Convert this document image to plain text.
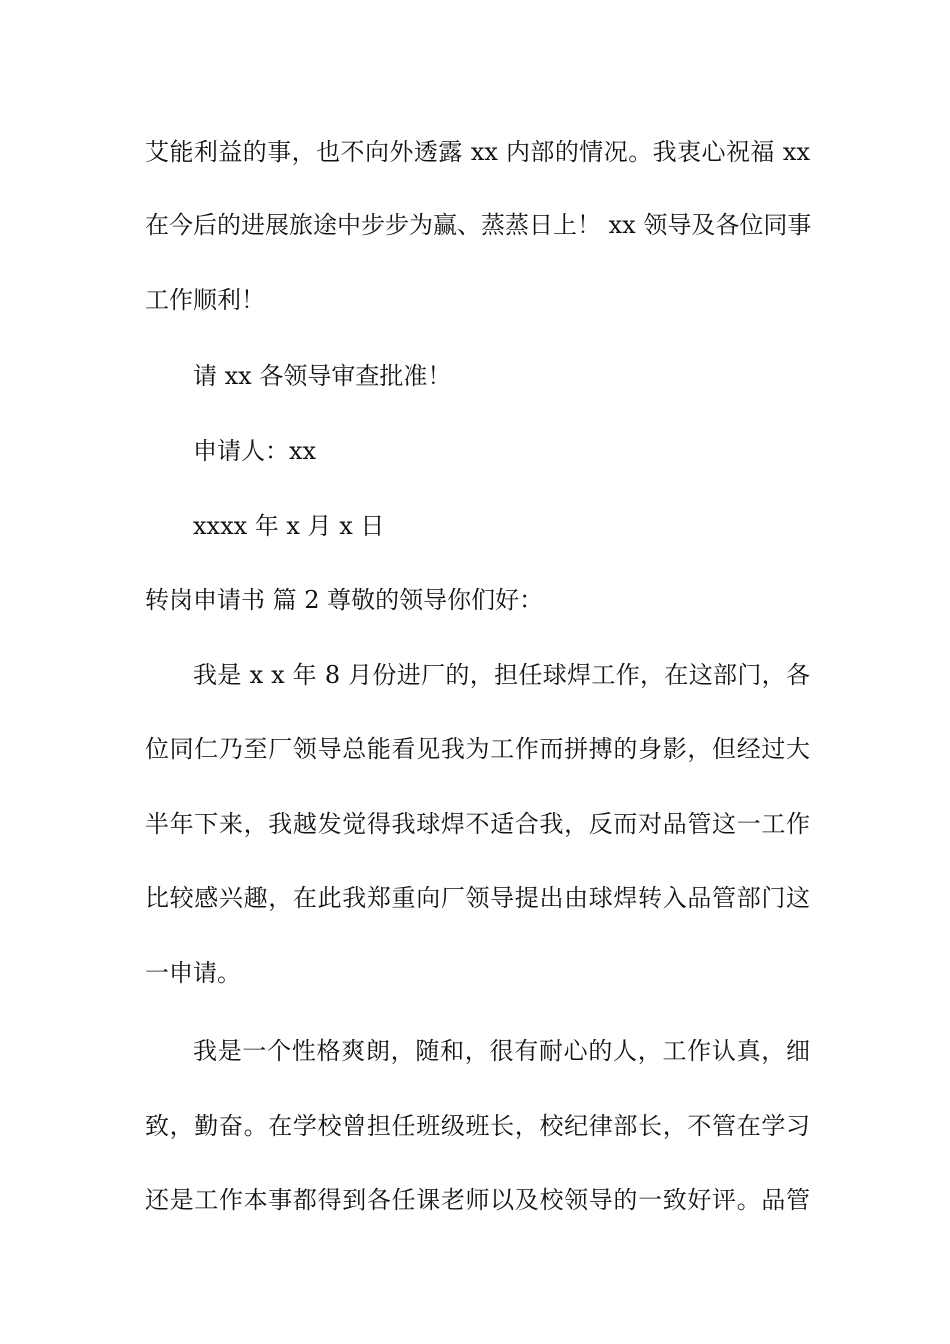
艾能利益的事，也不向外透露 xx 内部的情况。我衷心祝福 xx
在今后的进展旅途中步步为赢、蒸蒸日上！ xx 领导及各位同事
工作顺利！
请 xx 各领导审查批准！
申请人：xx
xxxx 年 x 月 x 日
转岗申请书 篇 2 尊敬的领导你们好：
我是 x x 年 8 月份进厂的，担任球焊工作，在这部门，各
位同仁乃至厂领导总能看见我为工作而拼搏的身影，但经过大
半年下来，我越发觉得我球焊不适合我，反而对品管这一工作
比较感兴趣，在此我郑重向厂领导提出由球焊转入品管部门这
一申请。
我是一个性格爽朗，随和，很有耐心的人，工作认真，细
致，勤奋。在学校曾担任班级班长，校纪律部长，不管在学习
还是工作本事都得到各任课老师以及校领导的一致好评。品管
